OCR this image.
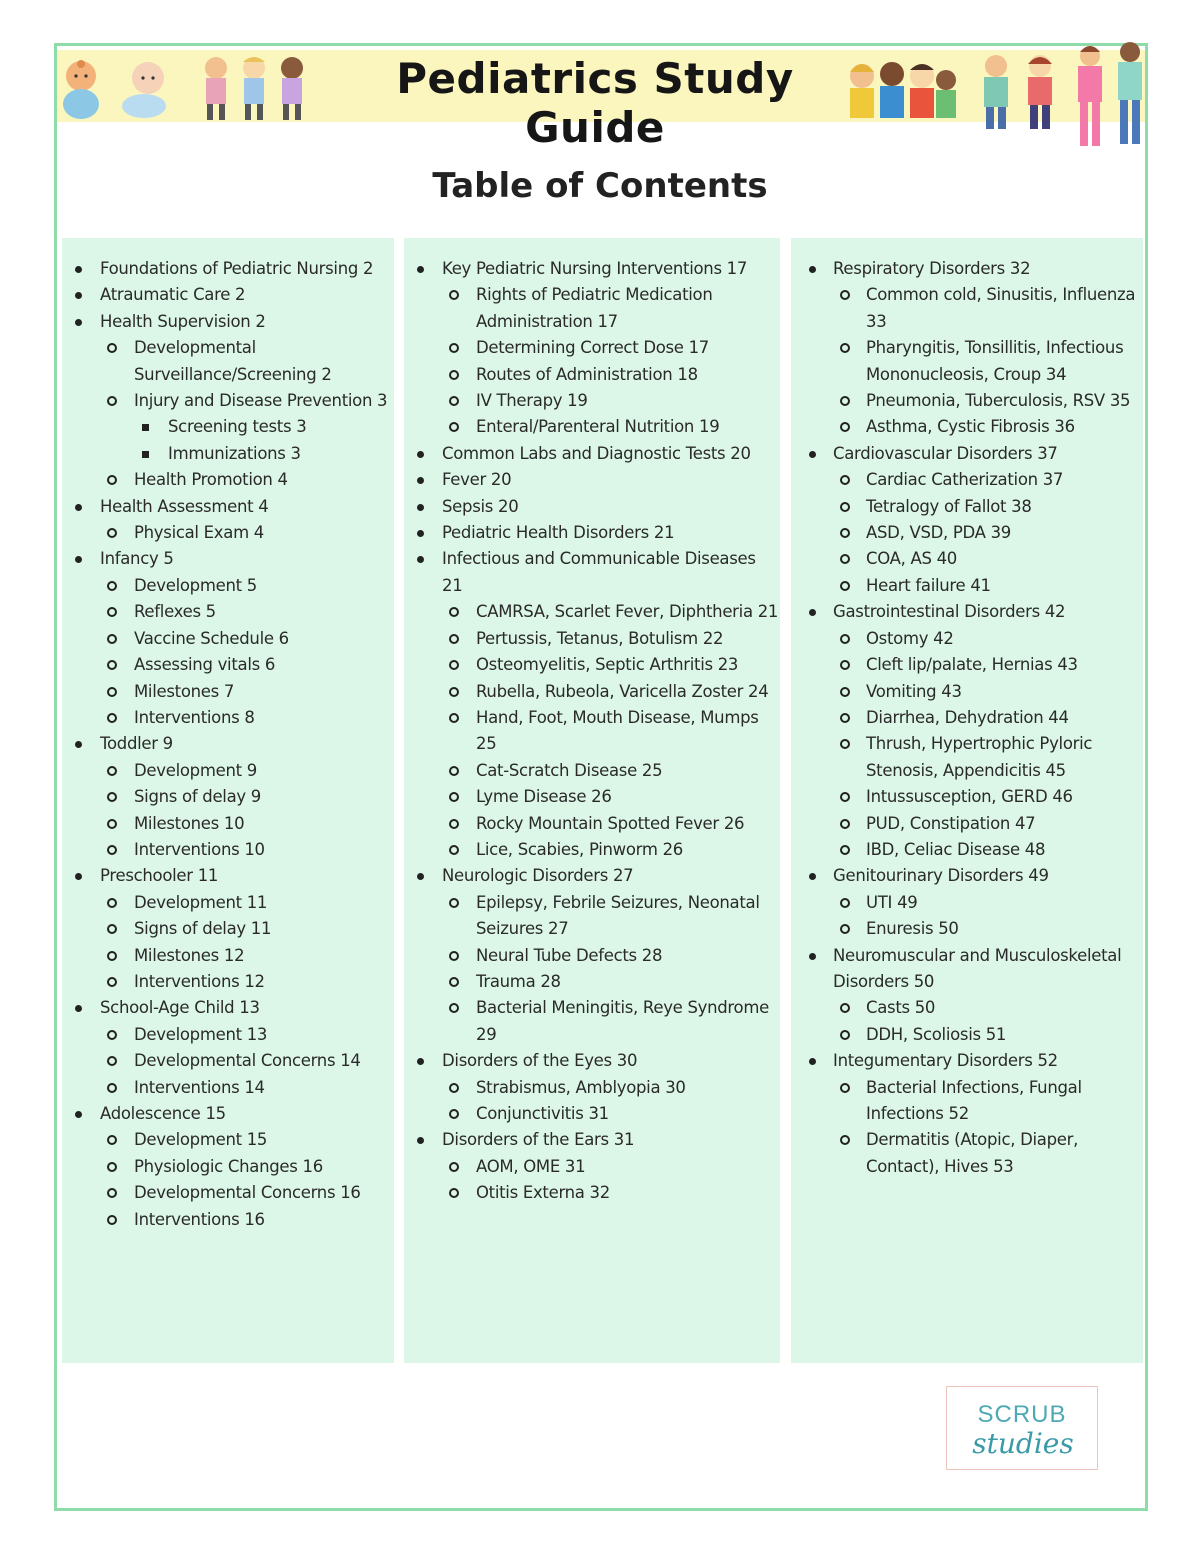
Pediatrics Study Guide
Table of Contents
Foundations of Pediatric Nursing 2
Atraumatic Care 2
Health Supervision 2
Developmental Surveillance/Screening 2
Injury and Disease Prevention 3
Screening tests 3
Immunizations 3
Health Promotion 4
Health Assessment 4
Physical Exam 4
Infancy 5
Development 5
Reflexes 5
Vaccine Schedule 6
Assessing vitals 6
Milestones 7
Interventions 8
Toddler 9
Development 9
Signs of delay 9
Milestones 10
Interventions 10
Preschooler 11
Development 11
Signs of delay 11
Milestones 12
Interventions 12
School-Age Child 13
Development 13
Developmental Concerns 14
Interventions 14
Adolescence 15
Development 15
Physiologic Changes 16
Developmental Concerns 16
Interventions 16
Key Pediatric Nursing Interventions 17
Rights of Pediatric Medication Administration 17
Determining Correct Dose 17
Routes of Administration 18
IV Therapy 19
Enteral/Parenteral Nutrition 19
Common Labs and Diagnostic Tests 20
Fever 20
Sepsis 20
Pediatric Health Disorders 21
Infectious and Communicable Diseases 21
CAMRSA, Scarlet Fever, Diphtheria 21
Pertussis, Tetanus, Botulism 22
Osteomyelitis, Septic Arthritis 23
Rubella, Rubeola, Varicella Zoster 24
Hand, Foot, Mouth Disease, Mumps 25
Cat-Scratch Disease 25
Lyme Disease 26
Rocky Mountain Spotted Fever 26
Lice, Scabies, Pinworm 26
Neurologic Disorders 27
Epilepsy, Febrile Seizures, Neonatal Seizures 27
Neural Tube Defects 28
Trauma 28
Bacterial Meningitis, Reye Syndrome 29
Disorders of the Eyes 30
Strabismus, Amblyopia 30
Conjunctivitis 31
Disorders of the Ears 31
AOM, OME 31
Otitis Externa 32
Respiratory Disorders 32
Common cold, Sinusitis, Influenza 33
Pharyngitis, Tonsillitis, Infectious Mononucleosis, Croup 34
Pneumonia, Tuberculosis, RSV 35
Asthma, Cystic Fibrosis 36
Cardiovascular Disorders 37
Cardiac Catherization 37
Tetralogy of Fallot 38
ASD, VSD, PDA 39
COA, AS 40
Heart failure 41
Gastrointestinal Disorders 42
Ostomy 42
Cleft lip/palate, Hernias 43
Vomiting 43
Diarrhea, Dehydration 44
Thrush, Hypertrophic Pyloric Stenosis, Appendicitis 45
Intussusception, GERD 46
PUD, Constipation 47
IBD, Celiac Disease 48
Genitourinary Disorders 49
UTI 49
Enuresis 50
Neuromuscular and Musculoskeletal Disorders 50
Casts 50
DDH, Scoliosis 51
Integumentary Disorders 52
Bacterial Infections, Fungal Infections 52
Dermatitis (Atopic, Diaper, Contact), Hives 53
SCRUB
studies
